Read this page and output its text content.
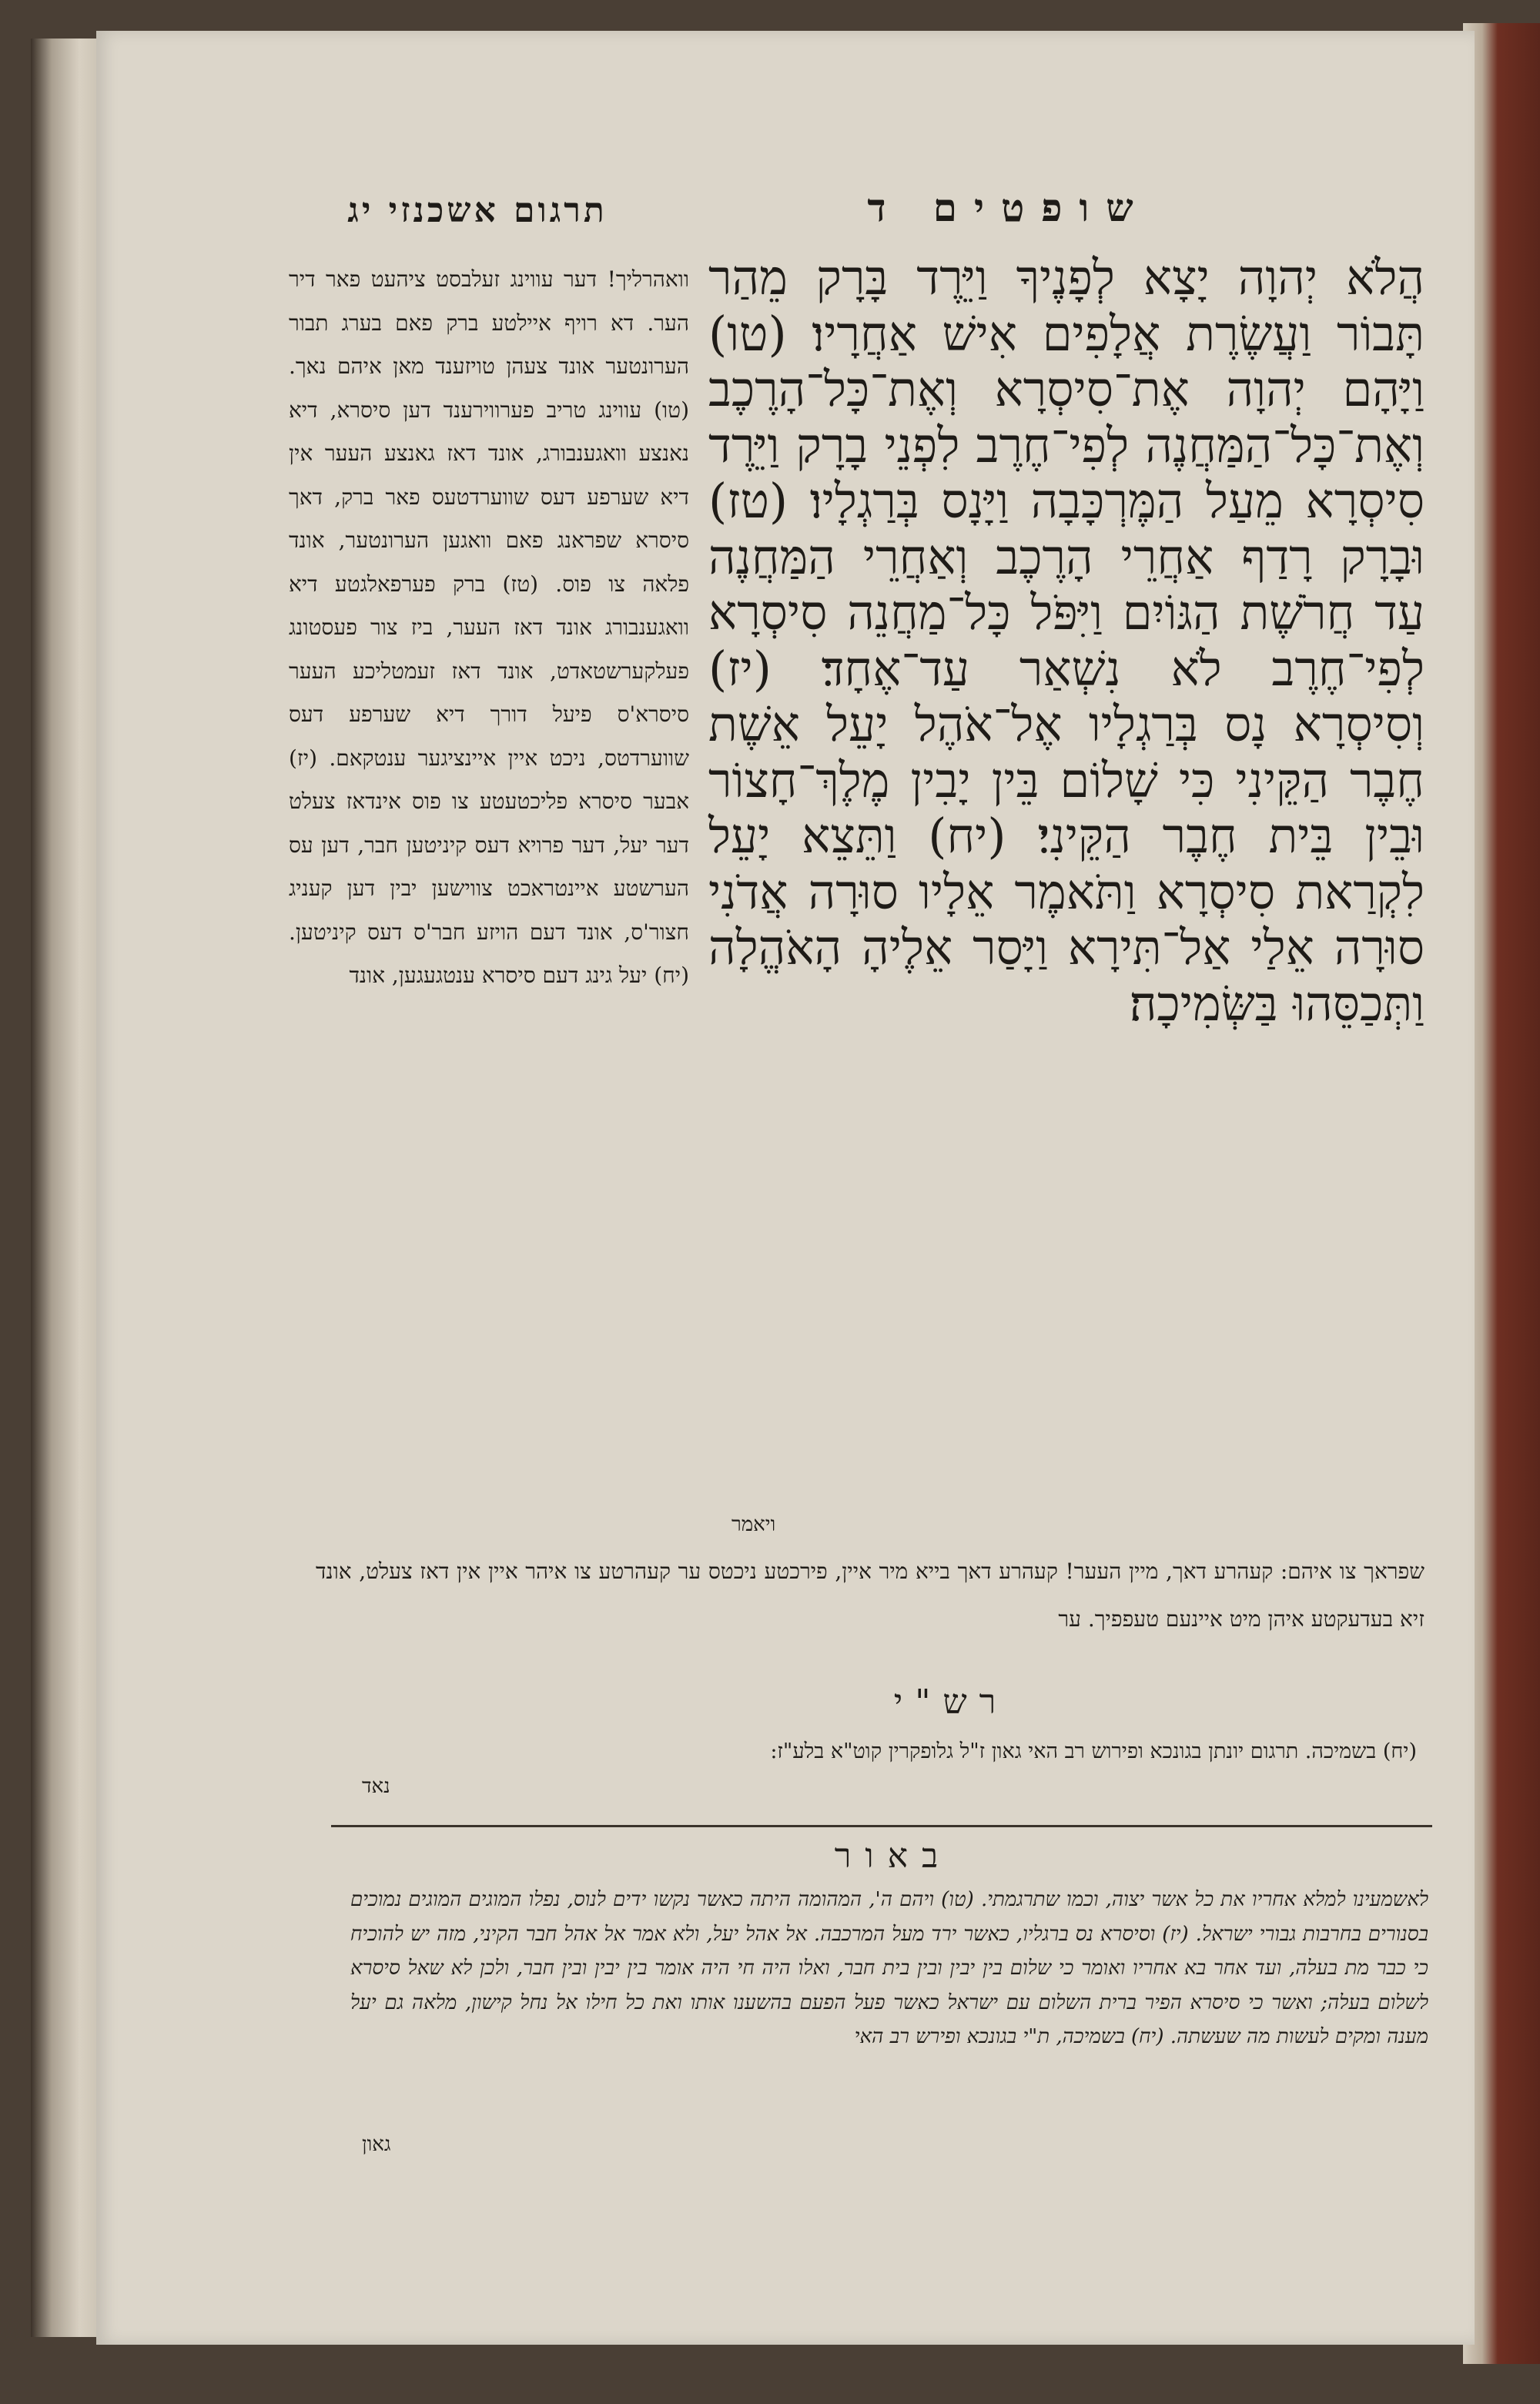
שופטים ד
תרגום אשכנזי יג
הֲלֹא יְהוָה יָצָא לְפָנֶיךָ וַיֵּרֶד בָּרָק מֵהַר תָּבוֹר וַעֲשֶׂרֶת אֲלָפִים אִישׁ אַחֲרָיו׃ (טו) וַיָּהָם יְהוָה אֶת־סִיסְרָא וְאֶת־כָּל־הָרֶכֶב וְאֶת־כָּל־הַמַּחֲנֶה לְפִי־חֶרֶב לִפְנֵי בָרָק וַיֵּרֶד סִיסְרָא מֵעַל הַמֶּרְכָּבָה וַיָּנָס בְּרַגְלָיו׃ (טז) וּבָרָק רָדַף אַחֲרֵי הָרֶכֶב וְאַחֲרֵי הַמַּחֲנֶה עַד חֲרֹשֶׁת הַגּוֹיִם וַיִּפֹּל כָּל־מַחֲנֵה סִיסְרָא לְפִי־חֶרֶב לֹא נִשְׁאַר עַד־אֶחָד׃ (יז) וְסִיסְרָא נָס בְּרַגְלָיו אֶל־אֹהֶל יָעֵל אֵשֶׁת חֶבֶר הַקֵּינִי כִּי שָׁלוֹם בֵּין יָבִין מֶלֶךְ־חָצוֹר וּבֵין בֵּית חֶבֶר הַקֵּינִי׃ (יח) וַתֵּצֵא יָעֵל לִקְרַאת סִיסְרָא וַתֹּאמֶר אֵלָיו סוּרָה אֲדֹנִי סוּרָה אֵלַי אַל־תִּירָא וַיָּסַר אֵלֶיהָ הָאֹהֱלָה וַתְּכַסֵּהוּ בַּשְּׂמִיכָה׃
ויאמר
וואהרליך! דער עווינג זעלבסט ציהעט פאר דיר הער. דא רויף איילטע ברק פאם בערג תבור הערונטער אונד צעהן טויזענד מאן איהם נאך. (טו) עווינג טריב פערווירענד דען סיסרא, דיא נאנצע וואגענבורג, אונד דאז גאנצע העער אין דיא שערפע דעס שווערדטעס פאר ברק, דאך סיסרא שפראנג פאם וואגען הערונטער, אונד פלאה צו פוס. (טז) ברק פערפאלגטע דיא וואגענבורג אונד דאז העער, ביז צור פעסטונג פעלקערשטאדט, אונד דאז זעמטליכע העער סיסרא'ס פיעל דורך דיא שערפע דעס שווערדטס, ניכט איין איינציגער ענטקאם. (יז) אבער סיסרא פליכטעטע צו פוס אינדאז צעלט דער יעל, דער פרויא דעס קיניטען חבר, דען עס הערשטע איינטראכט צווישען יבין דען קעניג חצור'ס, אונד דעם הויזע חבר'ס דעס קיניטען. (יח) יעל גינג דעם סיסרא ענטגעגען, אונד
שפראך צו איהם: קעהרע דאך, מיין העער! קעהרע דאך בייא מיר איין, פירכטע ניכטס ער קעהרטע צו איהר איין אין דאז צעלט, אונד זיא בעדעקטע איהן מיט איינעם טעפפיך. ער
רש"י
(יח) בשמיכה. תרגום יונתן בגונכא ופירוש רב האי גאון ז"ל גלופקרין קוט"א בלע"ז:
נאד
באור
לאשמעינו למלא אחריו את כל אשר יצוה, וכמו שתרגמתי. (טו) ויהם ה', המהומה היתה כאשר נקשו ידים לנוס, נפלו המוגים המוגים נמוכים בסנורים בחרבות גבורי ישראל. (יז) וסיסרא נס ברגליו, כאשר ירד מעל המרכבה. אל אהל יעל, ולא אמר אל אהל חבר הקיני, מזה יש להוכיח כי כבר מת בעלה, ועד אחר בא אחריו ואומר כי שלום בין יבין ובין בית חבר, ואלו היה חי היה אומר בין יבין ובין חבר, ולכן לא שאל סיסרא לשלום בעלה; ואשר כי סיסרא הפיר ברית השלום עם ישראל כאשר פעל הפעם בהשענו אותו ואת כל חילו אל נחל קישון, מלאה גם יעל מענה ומקים לעשות מה שעשתה. (יח) בשמיכה, ת"י בגונכא ופירש רב האי
גאון
